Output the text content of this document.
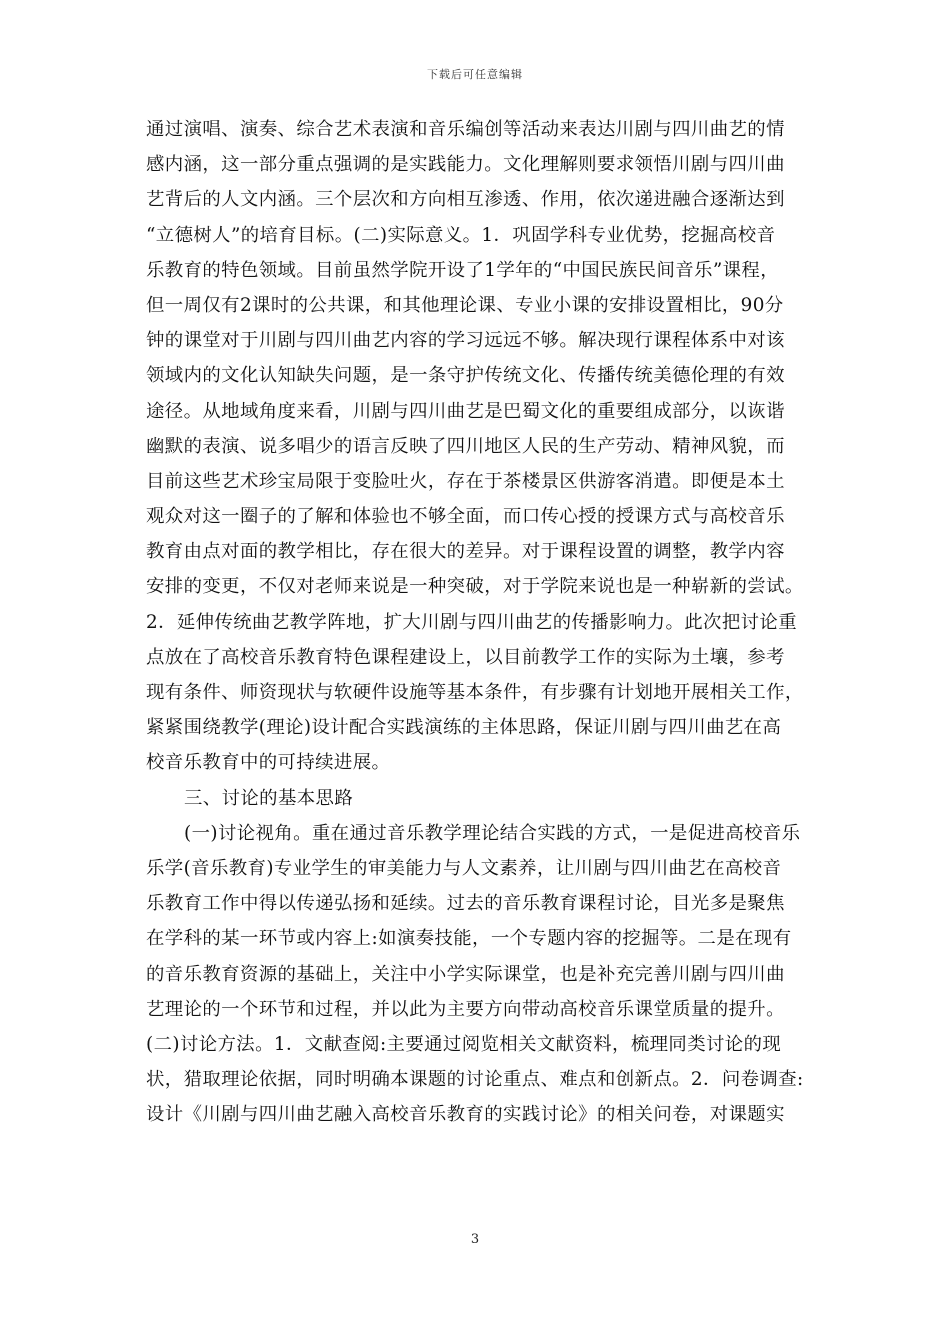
下载后可任意编辑
通过演唱、演奏、综合艺术表演和音乐编创等活动来表达川剧与四川曲艺的情
感内涵，这一部分重点强调的是实践能力。文化理解则要求领悟川剧与四川曲
艺背后的人文内涵。三个层次和方向相互渗透、作用，依次递进融合逐渐达到
“立德树人”的培育目标。(二)实际意义。1．巩固学科专业优势，挖掘高校音
乐教育的特色领域。目前虽然学院开设了1学年的“中国民族民间音乐”课程，
但一周仅有2课时的公共课，和其他理论课、专业小课的安排设置相比，90分
钟的课堂对于川剧与四川曲艺内容的学习远远不够。解决现行课程体系中对该
领域内的文化认知缺失问题，是一条守护传统文化、传播传统美德伦理的有效
途径。从地域角度来看，川剧与四川曲艺是巴蜀文化的重要组成部分，以诙谐
幽默的表演、说多唱少的语言反映了四川地区人民的生产劳动、精神风貌，而
目前这些艺术珍宝局限于变脸吐火，存在于茶楼景区供游客消遣。即便是本土
观众对这一圈子的了解和体验也不够全面，而口传心授的授课方式与高校音乐
教育由点对面的教学相比，存在很大的差异。对于课程设置的调整，教学内容
安排的变更，不仅对老师来说是一种突破，对于学院来说也是一种崭新的尝试。
2．延伸传统曲艺教学阵地，扩大川剧与四川曲艺的传播影响力。此次把讨论重
点放在了高校音乐教育特色课程建设上，以目前教学工作的实际为土壤，参考
现有条件、师资现状与软硬件设施等基本条件，有步骤有计划地开展相关工作，
紧紧围绕教学(理论)设计配合实践演练的主体思路，保证川剧与四川曲艺在高
校音乐教育中的可持续进展。
三、讨论的基本思路
(一)讨论视角。重在通过音乐教学理论结合实践的方式，一是促进高校音乐
乐学(音乐教育)专业学生的审美能力与人文素养，让川剧与四川曲艺在高校音
乐教育工作中得以传递弘扬和延续。过去的音乐教育课程讨论，目光多是聚焦
在学科的某一环节或内容上:如演奏技能，一个专题内容的挖掘等。二是在现有
的音乐教育资源的基础上，关注中小学实际课堂，也是补充完善川剧与四川曲
艺理论的一个环节和过程，并以此为主要方向带动高校音乐课堂质量的提升。
(二)讨论方法。1．文献查阅:主要通过阅览相关文献资料，梳理同类讨论的现
状，猎取理论依据，同时明确本课题的讨论重点、难点和创新点。2．问卷调查:
设计《川剧与四川曲艺融入高校音乐教育的实践讨论》的相关问卷，对课题实
3
